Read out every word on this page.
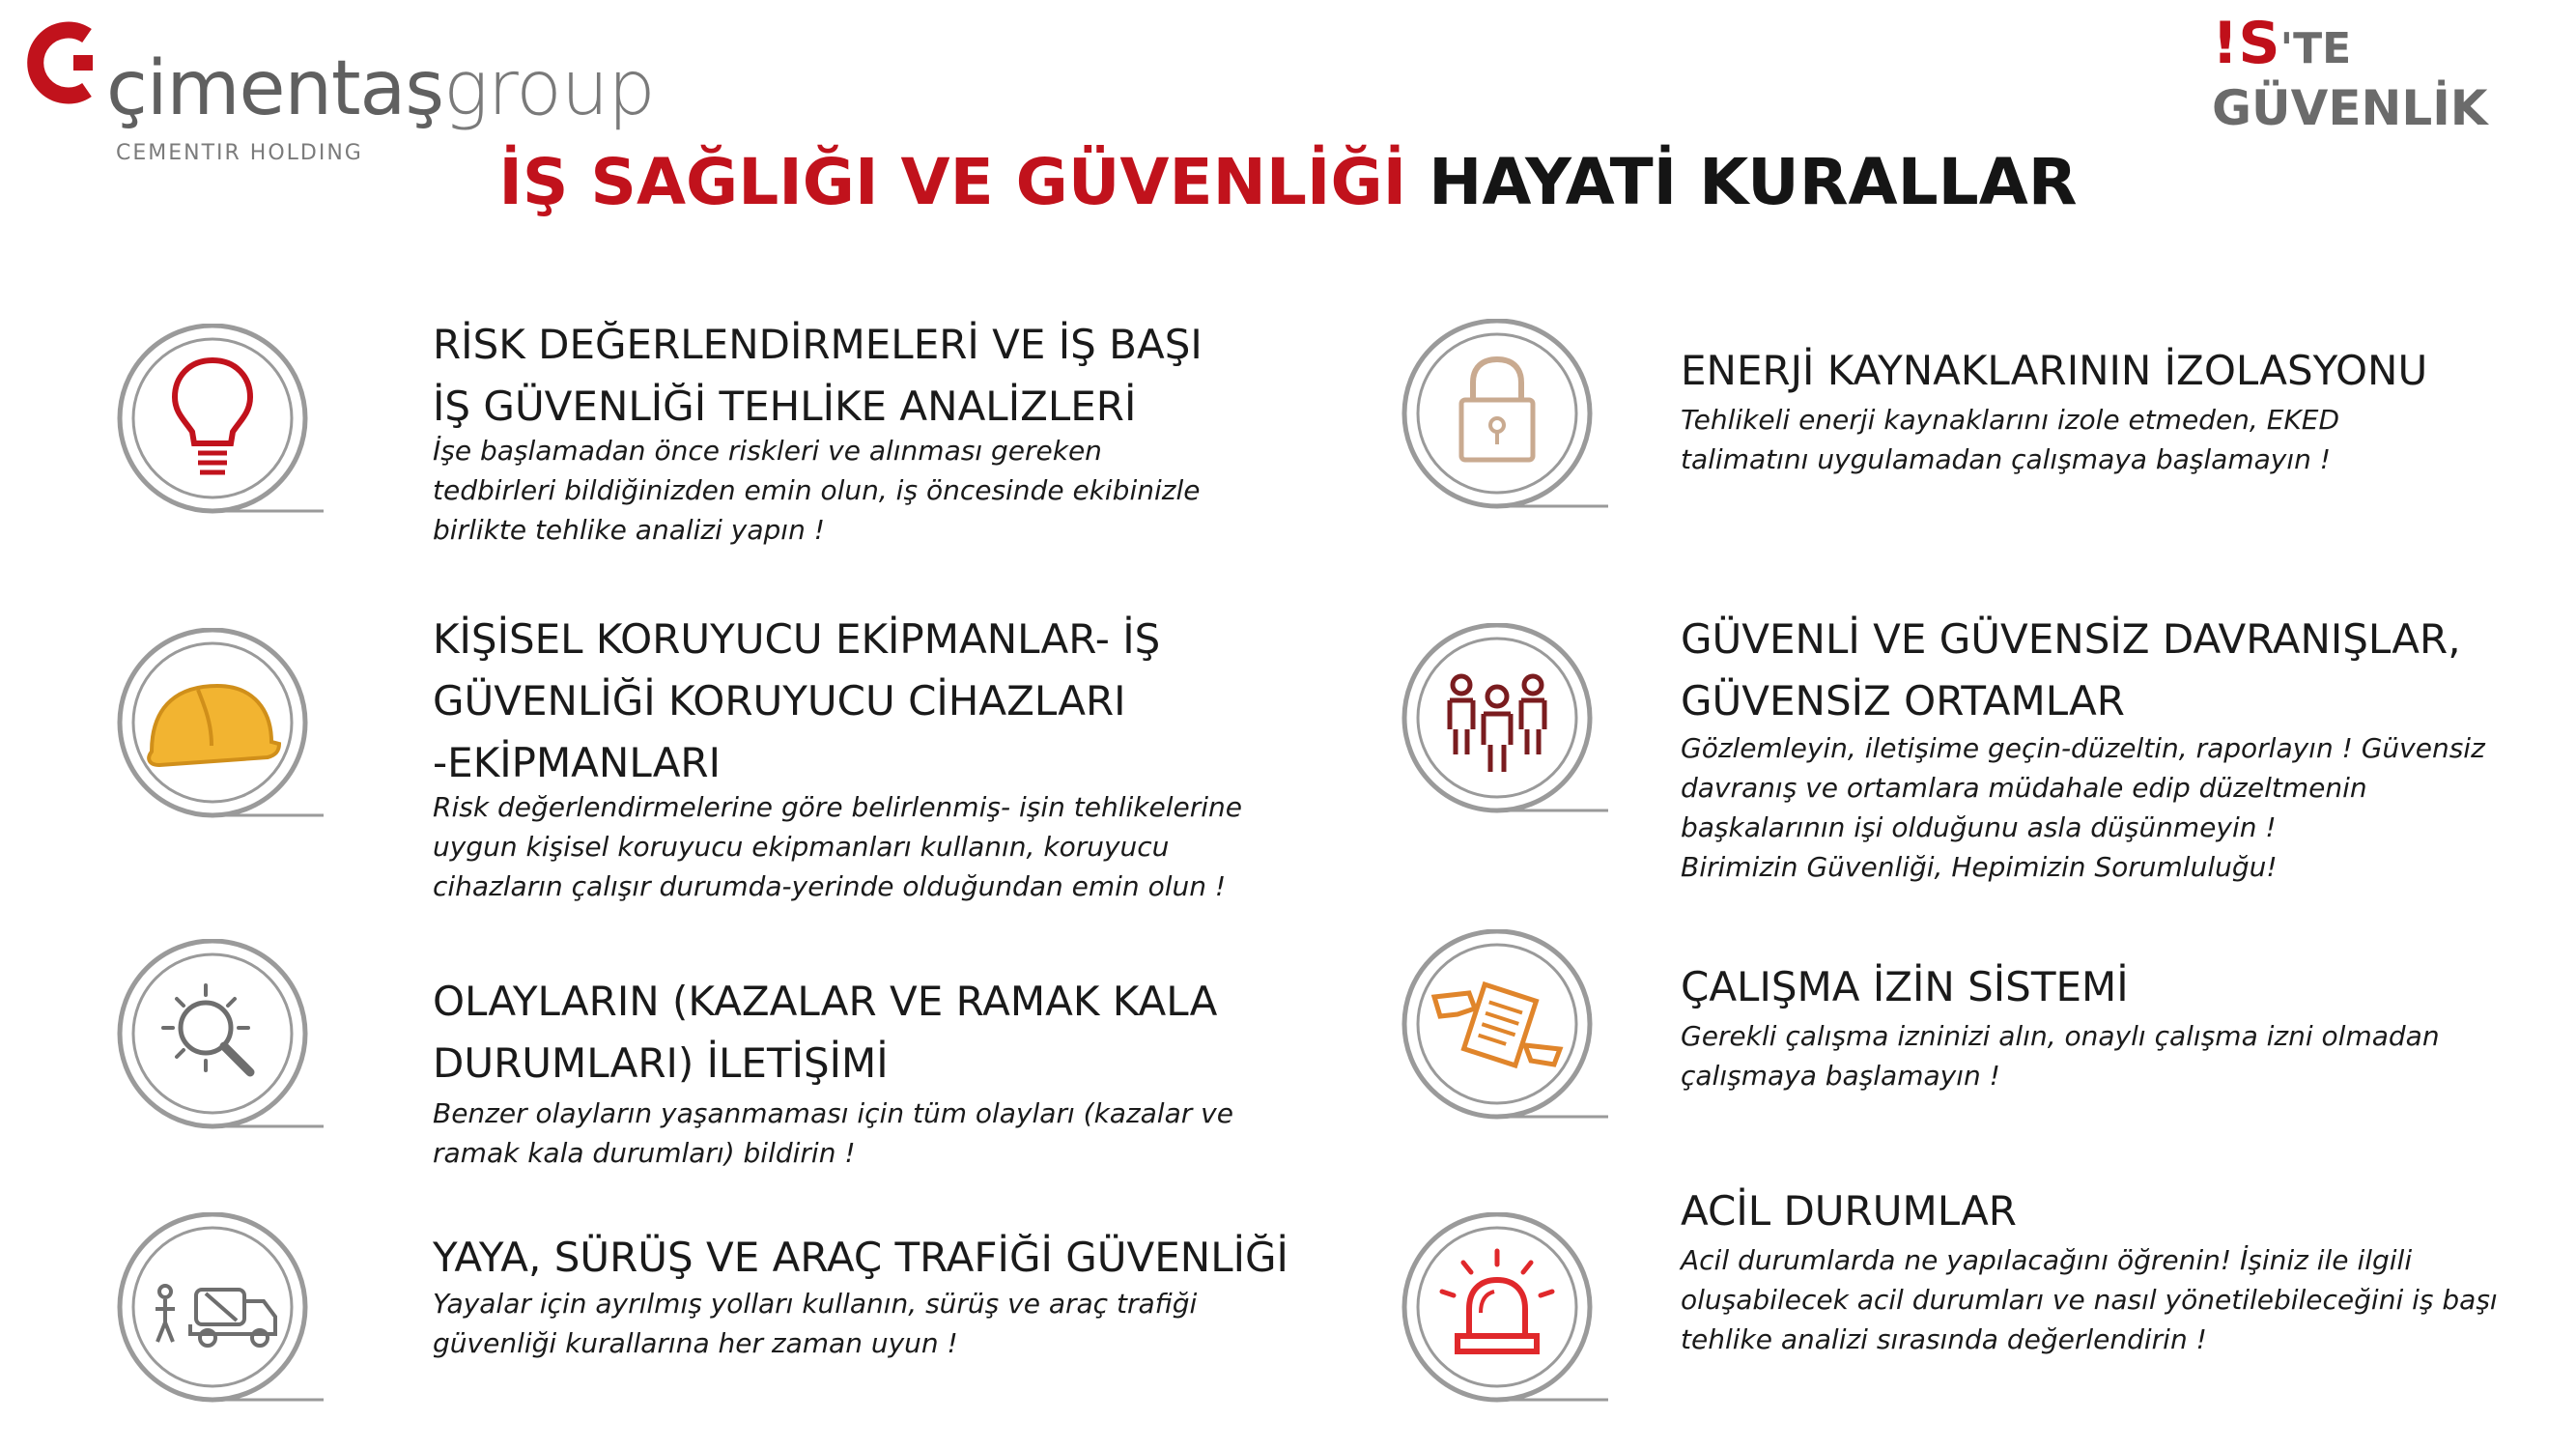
çimentaşgroup
CEMENTIR HOLDING
!S'TE
GÜVENLİK
İŞ SAĞLIĞI VE GÜVENLİĞİ HAYATİ KURALLAR
RİSK DEĞERLENDİRMELERİ VE İŞ BAŞI
İŞ GÜVENLİĞİ TEHLİKE ANALİZLERİ
İşe başlamadan önce riskleri ve alınması gereken
tedbirleri bildiğinizden emin olun, iş öncesinde ekibinizle
birlikte tehlike analizi yapın !
KİŞİSEL KORUYUCU EKİPMANLAR- İŞ
GÜVENLİĞİ KORUYUCU CİHAZLARI
-EKİPMANLARI
Risk değerlendirmelerine göre belirlenmiş- işin tehlikelerine
uygun kişisel koruyucu ekipmanları kullanın, koruyucu
cihazların çalışır durumda-yerinde olduğundan emin olun !
OLAYLARIN (KAZALAR VE RAMAK KALA
DURUMLARI) İLETİŞİMİ
Benzer olayların yaşanmaması için tüm olayları (kazalar ve
ramak kala durumları) bildirin !
YAYA, SÜRÜŞ VE ARAÇ TRAFİĞİ GÜVENLİĞİ
Yayalar için ayrılmış yolları kullanın, sürüş ve araç trafiği
güvenliği kurallarına her zaman uyun !
ENERJİ KAYNAKLARININ İZOLASYONU
Tehlikeli enerji kaynaklarını izole etmeden, EKED
talimatını uygulamadan çalışmaya başlamayın !
GÜVENLİ VE GÜVENSİZ DAVRANIŞLAR,
GÜVENSİZ ORTAMLAR
Gözlemleyin, iletişime geçin-düzeltin, raporlayın ! Güvensiz
davranış ve ortamlara müdahale edip düzeltmenin
başkalarının işi olduğunu asla düşünmeyin !
Birimizin Güvenliği, Hepimizin Sorumluluğu!
ÇALIŞMA İZİN SİSTEMİ
Gerekli çalışma izninizi alın, onaylı çalışma izni olmadan
çalışmaya başlamayın !
ACİL DURUMLAR
Acil durumlarda ne yapılacağını öğrenin! İşiniz ile ilgili
oluşabilecek acil durumları ve nasıl yönetilebileceğini iş başı
tehlike analizi sırasında değerlendirin !
